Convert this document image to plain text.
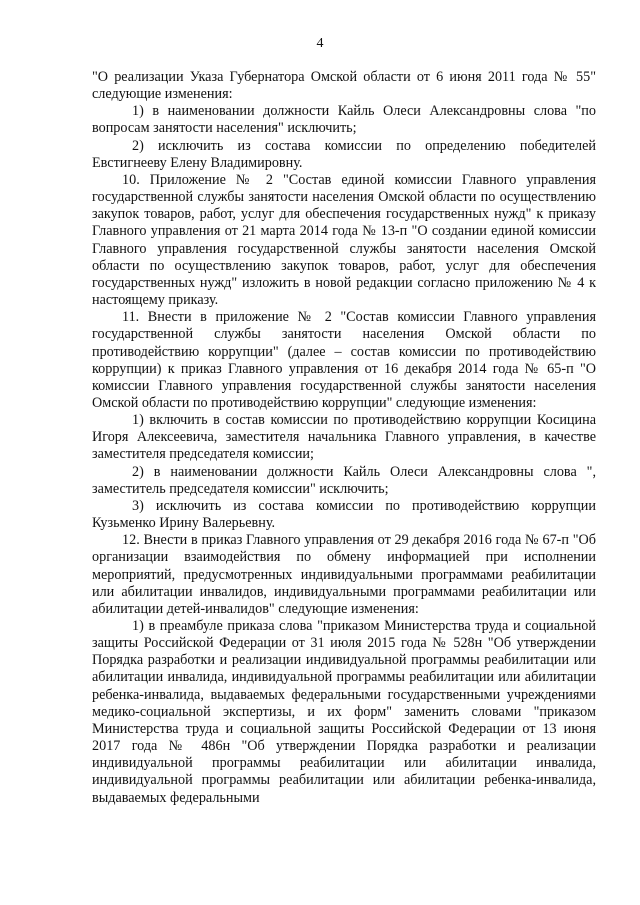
4

"О реализации Указа Губернатора Омской области от 6 июня 2011 года № 55" следующие изменения:

1) в наименовании должности Кайль Олеси Александровны слова "по вопросам занятости населения" исключить;

2) исключить из состава комиссии по определению победителей Евстигнееву Елену Владимировну.

10. Приложение № 2 "Состав единой комиссии Главного управления государственной службы занятости населения Омской области по осуществлению закупок товаров, работ, услуг для обеспечения государственных нужд" к приказу Главного управления от 21 марта 2014 года № 13-п "О создании единой комиссии Главного управления государственной службы занятости населения Омской области по осуществлению закупок товаров, работ, услуг для обеспечения государственных нужд" изложить в новой редакции согласно приложению № 4 к настоящему приказу.

11. Внести в приложение № 2 "Состав комиссии Главного управления государственной службы занятости населения Омской области по противодействию коррупции" (далее – состав комиссии по противодействию коррупции) к приказ Главного управления от 16 декабря 2014 года № 65-п "О комиссии Главного управления государственной службы занятости населения Омской области по противодействию коррупции" следующие изменения:

1) включить в состав комиссии по противодействию коррупции Косицина Игоря Алексеевича, заместителя начальника Главного управления, в качестве заместителя председателя комиссии;

2) в наименовании должности Кайль Олеси Александровны слова ", заместитель председателя комиссии" исключить;

3) исключить из состава комиссии по противодействию коррупции Кузьменко Ирину Валерьевну.

12. Внести в приказ Главного управления от 29 декабря 2016 года № 67-п "Об организации взаимодействия по обмену информацией при исполнении мероприятий, предусмотренных индивидуальными программами реабилитации или абилитации инвалидов, индивидуальными программами реабилитации или абилитации детей-инвалидов" следующие изменения:

1) в преамбуле приказа слова "приказом Министерства труда и социальной защиты Российской Федерации от 31 июля 2015 года № 528н "Об утверждении Порядка разработки и реализации индивидуальной программы реабилитации или абилитации инвалида, индивидуальной программы реабилитации или абилитации ребенка-инвалида, выдаваемых федеральными государственными учреждениями медико-социальной экспертизы, и их форм" заменить словами "приказом Министерства труда и социальной защиты Российской Федерации от 13 июня 2017 года № 486н "Об утверждении Порядка разработки и реализации индивидуальной программы реабилитации или абилитации инвалида, индивидуальной программы реабилитации или абилитации ребенка-инвалида, выдаваемых федеральными
